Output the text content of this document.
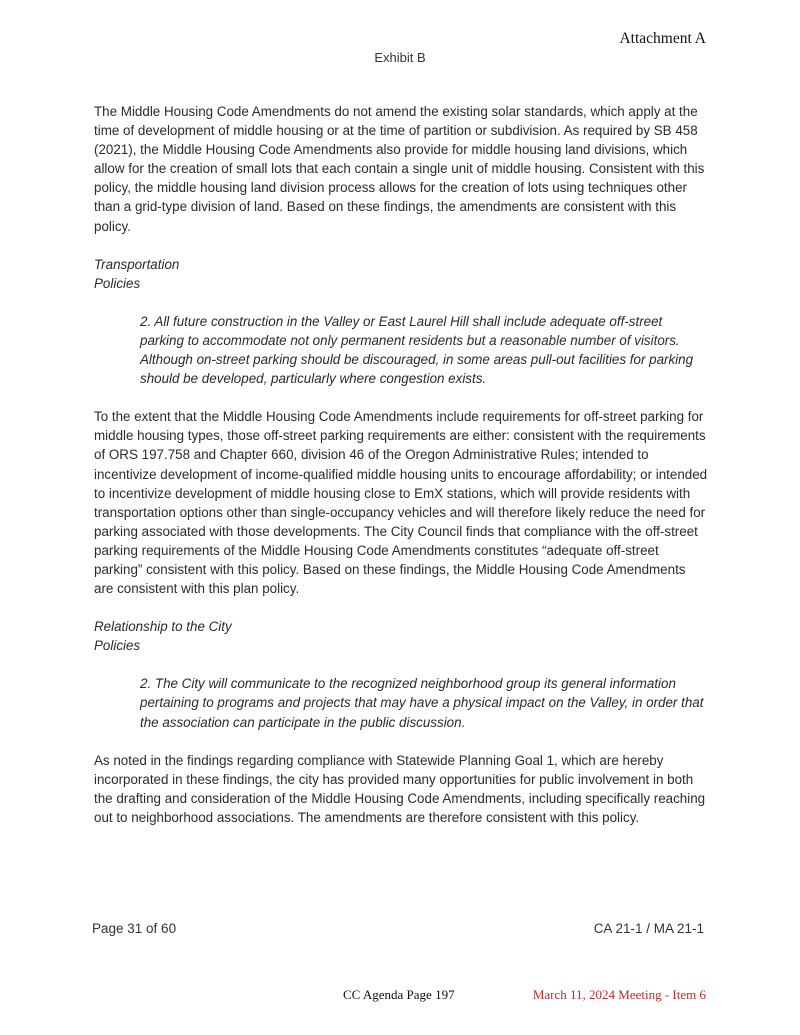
Attachment A
Exhibit B

The Middle Housing Code Amendments do not amend the existing solar standards, which apply at the time of development of middle housing or at the time of partition or subdivision. As required by SB 458 (2021), the Middle Housing Code Amendments also provide for middle housing land divisions, which allow for the creation of small lots that each contain a single unit of middle housing. Consistent with this policy, the middle housing land division process allows for the creation of lots using techniques other than a grid-type division of land. Based on these findings, the amendments are consistent with this policy.

Transportation

Policies

2. All future construction in the Valley or East Laurel Hill shall include adequate off-street parking to accommodate not only permanent residents but a reasonable number of visitors. Although on-street parking should be discouraged, in some areas pull-out facilities for parking should be developed, particularly where congestion exists.

To the extent that the Middle Housing Code Amendments include requirements for off-street parking for middle housing types, those off-street parking requirements are either: consistent with the requirements of ORS 197.758 and Chapter 660, division 46 of the Oregon Administrative Rules; intended to incentivize development of income-qualified middle housing units to encourage affordability; or intended to incentivize development of middle housing close to EmX stations, which will provide residents with transportation options other than single-occupancy vehicles and will therefore likely reduce the need for parking associated with those developments. The City Council finds that compliance with the off-street parking requirements of the Middle Housing Code Amendments constitutes “adequate off-street parking” consistent with this policy. Based on these findings, the Middle Housing Code Amendments are consistent with this plan policy.

Relationship to the City

Policies

2. The City will communicate to the recognized neighborhood group its general information pertaining to programs and projects that may have a physical impact on the Valley, in order that the association can participate in the public discussion.

As noted in the findings regarding compliance with Statewide Planning Goal 1, which are hereby incorporated in these findings, the city has provided many opportunities for public involvement in both the drafting and consideration of the Middle Housing Code Amendments, including specifically reaching out to neighborhood associations. The amendments are therefore consistent with this policy.

Page 31 of 60	CA 21-1 / MA 21-1
CC Agenda Page 197	March 11, 2024 Meeting - Item 6
